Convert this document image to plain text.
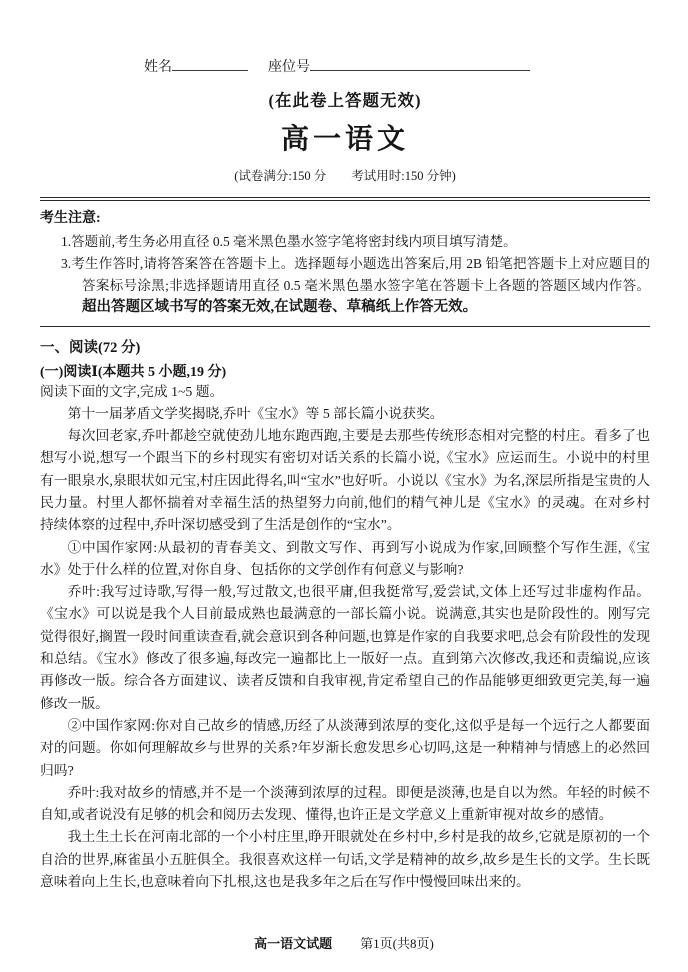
姓名	座位号
(在此卷上答题无效)
高一语文
(试卷满分:150 分　　考试用时:150 分钟)
考生注意:
1.答题前,考生务必用直径 0.5 毫米黑色墨水签字笔将密封线内项目填写清楚。
3.考生作答时,请将答案答在答题卡上。选择题每小题选出答案后,用 2B 铅笔把答题卡上对应题目的答案标号涂黑;非选择题请用直径 0.5 毫米黑色墨水签字笔在答题卡上各题的答题区域内作答。超出答题区域书写的答案无效,在试题卷、草稿纸上作答无效。
一、阅读(72 分)
(一)阅读Ⅰ(本题共 5 小题,19 分)

阅读下面的文字,完成 1~5 题。

第十一届茅盾文学奖揭晓,乔叶《宝水》等 5 部长篇小说获奖。

每次回老家,乔叶都趁空就使劲儿地东跑西跑,主要是去那些传统形态相对完整的村庄。看多了也想写小说,想写一个跟当下的乡村现实有密切对话关系的长篇小说,《宝水》应运而生。小说中的村里有一眼泉水,泉眼状如元宝,村庄因此得名,叫“宝水”也好听。小说以《宝水》为名,深层所指是宝贵的人民力量。村里人都怀揣着对幸福生活的热望努力向前,他们的精气神儿是《宝水》的灵魂。在对乡村持续体察的过程中,乔叶深切感受到了生活是创作的“宝水”。

①中国作家网:从最初的青春美文、到散文写作、再到写小说成为作家,回顾整个写作生涯,《宝水》处于什么样的位置,对你自身、包括你的文学创作有何意义与影响?

乔叶:我写过诗歌,写得一般,写过散文,也很平庸,但我挺常写,爱尝试,文体上还写过非虚构作品。《宝水》可以说是我个人目前最成熟也最满意的一部长篇小说。说满意,其实也是阶段性的。刚写完觉得很好,搁置一段时间重读查看,就会意识到各种问题,也算是作家的自我要求吧,总会有阶段性的发现和总结。《宝水》修改了很多遍,每改完一遍都比上一版好一点。直到第六次修改,我还和责编说,应该再修改一版。综合各方面建议、读者反馈和自我审视,肯定希望自己的作品能够更细致更完美,每一遍修改一版。

②中国作家网:你对自己故乡的情感,历经了从淡薄到浓厚的变化,这似乎是每一个远行之人都要面对的问题。你如何理解故乡与世界的关系?年岁渐长愈发思乡心切吗,这是一种精神与情感上的必然回归吗?

乔叶:我对故乡的情感,并不是一个淡薄到浓厚的过程。即便是淡薄,也是自以为然。年轻的时候不自知,或者说没有足够的机会和阅历去发现、懂得,也许正是文学意义上重新审视对故乡的感情。

我土生土长在河南北部的一个小村庄里,睁开眼就处在乡村中,乡村是我的故乡,它就是原初的一个自洽的世界,麻雀虽小五脏俱全。我很喜欢这样一句话,文学是精神的故乡,故乡是生长的文学。生长既意味着向上生长,也意味着向下扎根,这也是我多年之后在写作中慢慢回味出来的。

高一语文试题 第1页(共8页)
